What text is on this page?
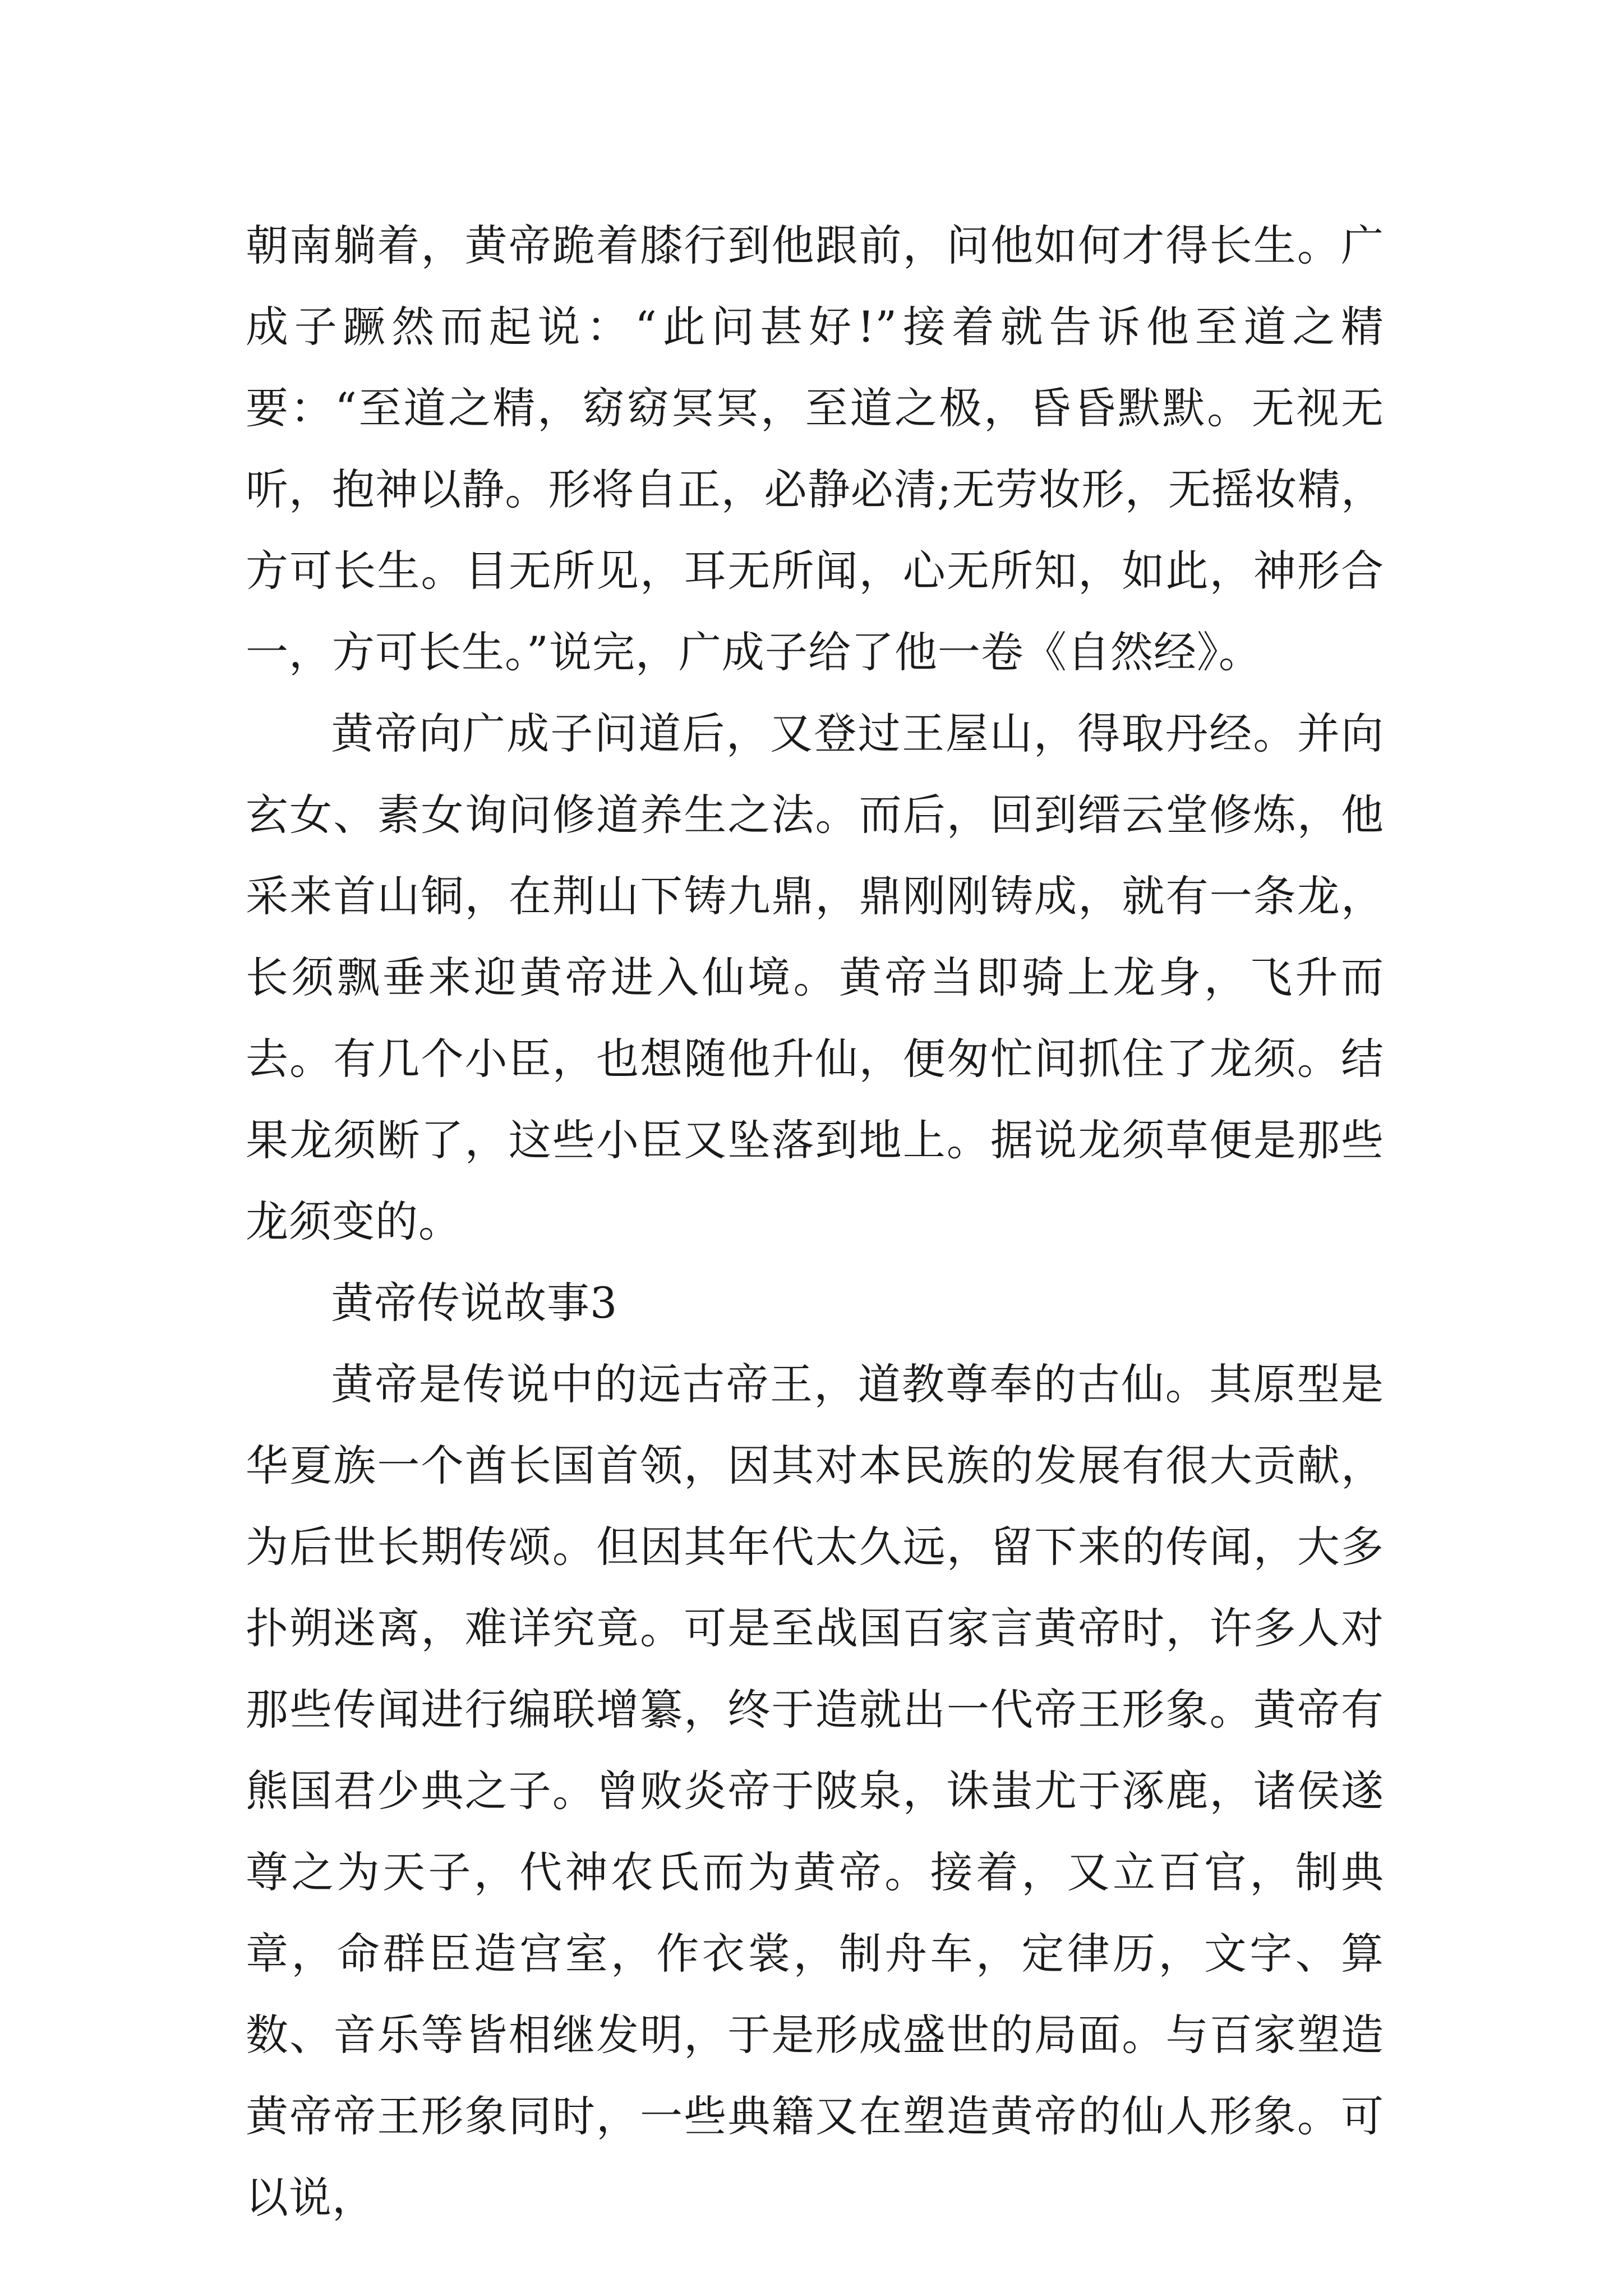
朝南躺着，黄帝跪着膝行到他跟前，问他如何才得长生。广成子蹶然而起说：“此问甚好!”接着就告诉他至道之精要：“至道之精，窈窈冥冥，至道之极，昏昏默默。无视无听，抱神以静。形将自正，必静必清;无劳妆形，无摇妆精，方可长生。目无所见，耳无所闻，心无所知，如此，神形合一，方可长生。”说完，广成子给了他一卷《自然经》。

黄帝向广成子问道后，又登过王屋山，得取丹经。并向玄女、素女询问修道养生之法。而后，回到缙云堂修炼，他采来首山铜，在荆山下铸九鼎，鼎刚刚铸成，就有一条龙，长须飘垂来迎黄帝进入仙境。黄帝当即骑上龙身，飞升而去。有几个小臣，也想随他升仙，便匆忙间抓住了龙须。结果龙须断了，这些小臣又坠落到地上。据说龙须草便是那些龙须变的。

黄帝传说故事3

黄帝是传说中的远古帝王，道教尊奉的古仙。其原型是华夏族一个酋长国首领，因其对本民族的发展有很大贡献，为后世长期传颂。但因其年代太久远，留下来的传闻，大多扑朔迷离，难详究竟。可是至战国百家言黄帝时，许多人对那些传闻进行编联增纂，终于造就出一代帝王形象。黄帝有熊国君少典之子。曾败炎帝于陂泉，诛蚩尤于涿鹿，诸侯遂尊之为天子，代神农氏而为黄帝。接着，又立百官，制典章，命群臣造宫室，作衣裳，制舟车，定律历，文字、算数、音乐等皆相继发明，于是形成盛世的局面。与百家塑造黄帝帝王形象同时，一些典籍又在塑造黄帝的仙人形象。可以说，
